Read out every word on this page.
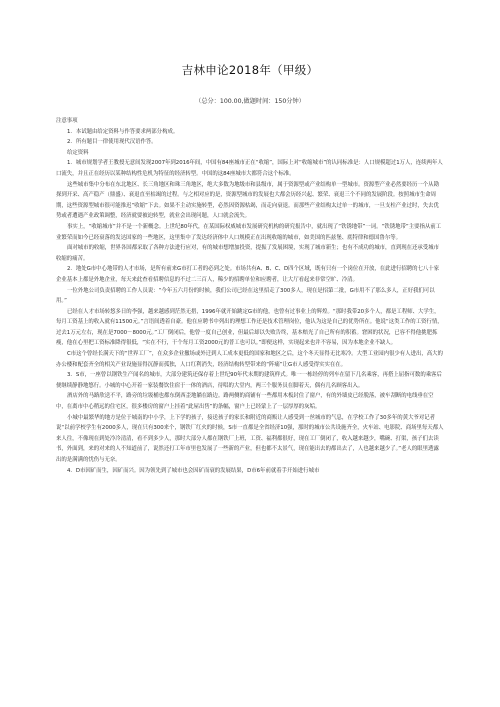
吉林申论2018年（甲级）
（总分：100.00,做题时间：150分钟）

注意事项

1．本试题由给定资料与作答要求两部分构成。

2．所有题目一律使用现代汉语作答。

给定资料

1．城市规划学者王教授无意间发现2007年到2016年间，中国有84座城市正在“收缩”，国际上对“收缩城市”的认同标准是：人口规模超过1万人，连续两年人口流失，并且正在经历以某种结构性危机为特征的经济转型。中国的这84座城市大都符合这个标准。

这些城市集中分布在东北地区、长三角地区和珠三角地区，绝大多数为地级市和县级市，属于资源型或产业结构单一型城市。资源型产业必然要经历一个从勘探到开采、高产稳产（鼎盛）、衰退直至枯竭的过程。与之相对应的是，资源型城市的发展也大都会历经兴起、繁荣、衰退三个不同的发展阶段。按照城市生命周期，这些资源型城市很可能推迟“收缩”下去。如果不主动实施转型，必然因资源枯竭，而走向衰退。而那些产业结构太过单一的城市，一旦支柱产业过时，失去优势或者遭遇产业政策调整，经济就要被迫转型，就业会出现问题，人口就会流失。

事实上，“收缩城市”并不是一个新概念。上世纪80年代，在某国际权威城市发展研究机构的研究报告中，就出现了“铁锈地带”一词。“铁锈地带”主要指从前工业繁荣而如今已经衰落的发达国家的一些地区，这里集中了发达经济体中人口规模正在出现收缩的城市，如美国的匹兹堡、底特律和德国鲁尔等。

面对城市的收缩，世界各国都采取了各种方法进行应对，有的城市想增加投资，提振了发展困境，实现了城市新生；也有不成功的城市，直到现在还承受城市收缩的痛苦。

2．地处G市中心地带的人才市场，是所有前来G市打工者的必到之处。市场共有A、B、C、D四个区域，既有只有一个岗位在开放，在此进行招聘的七八十家企业基本上都是外地企业，每天来此查看招聘信息的不过二三百人，稀少的招聘单位和应聘者，让大厅看起来非常空旷、冷清。

一位外地公司负责招聘的工作人员说：“今年五六月份的时候，我们公司已经在这里招走了300多人，现在是招第二批，G市用不了那么多人，正好我们可以用。”

已经在人才市场转悠多日的李强，越来越感到茫然无措，1996年就开始跳定G市的他，也曾有过事业上的辉煌。“那时我带20多个人，都是工程师、大学生，每月工资基上的收入就有11500元。”言语间透着自豪。他在应聘书中列出的理想工作还是技术管理岗位，他认为这是自己的优势所在。他说“这类工作的工资行情，过去1万元左右，现在是7000－8000元。”工厂倒闭后，他曾一度自己创业，但最后却以失败告终，基本赔光了自己所有的积蓄。窘困的状况，已容不得他挑肥拣瘦，他在心里把工资标准降得很低，“实在不行，干个每月工资2000元的普工也可以。”即便这样，实现起来也并不容易，因为本地企业不缺人。

C市这个曾经长满天下的“世界工厂”，在众多企业撤场或外迁到人工成本更低的国家和地区之后，这个冬天显得无比寒冷。大型工业园内很少有人进出，高大的办公楼和配套齐全的相关产业设施显得沉静而孤独，人口红利消失，经济结构转型带来的“阵痛”让G市人感受得实实在在。

3．S市，一座曾以钢铁生产闻名的城市，大部分建筑还保存着上世纪90年代末期的建筑样式。唯一一栋经停的列车在留下几名乘客，再搭上屈指可数的乘客后便继续静静地悠行。小城的中心开着一家装餐饮住宿于一体的酒店，待唱的大堂内，两三个服务员在脚着天，偶有几名顾客出入。

酒店外的马路欣送不平，路旁的垃圾桶也都东倒西歪地躺在路边。路两侧的商铺有一些都用木板封住了窗户，有的外墙皮已经脱落，被车刮断的电线垂在空中，在离市中心稍远的住宅区，很多楼房的窗户上挂着“此屋出售”的条幅，窗户上已经蒙上了一层厚厚的灰垢。

小城中最繁华的地方是位于城南的中小学，上下学的孩子，接送孩子的家长和附近的商贩让人感受到一丝城市的气息，在学校工作了30多年的黄大爷对记者说“以前学校学生有2000多人，现在只有300来个，钢铁厂红火的时候，S市一直都是全省经济10强，那时的城市公共设施齐全，火车站、电影院、商场里每天都人来人往，不像现在到处冷冷清清，看不到多少人，那时大部分人都在钢铁厂上班，工资、福利都很好，现在工厂倒闭了，收入越来越少，嘴碗、打渠，孩子们去读书，外面到，来的对来的人不知道前了，说然还打工年市里也发展了一些新的产业，但也都不太景气，现在能出去的都出去了，人也越来越少了。”老人的眼里透露出的是满满的忧伤与无奈。

4．D市因矿而生，因矿而兴。因为领先到了城市也会因矿而衰的发展结果，D市6年前就着手开始进行城市
